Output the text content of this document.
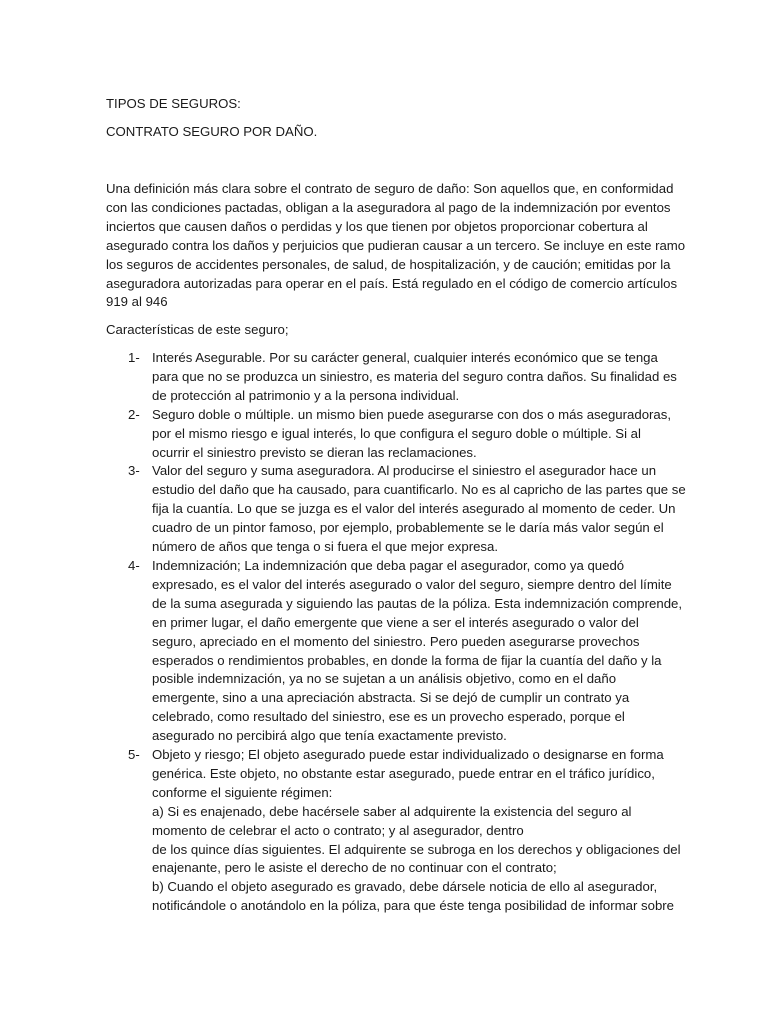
TIPOS DE SEGUROS:
CONTRATO SEGURO POR DAÑO.

Una definición más clara sobre el contrato de seguro de daño: Son aquellos que, en conformidad
con las condiciones pactadas, obligan a la aseguradora al pago de la indemnización por eventos
inciertos que causen daños o perdidas y los que tienen por objetos proporcionar cobertura al
asegurado contra los daños y perjuicios que pudieran causar a un tercero. Se incluye en este ramo
los seguros de accidentes personales, de salud, de hospitalización, y de caución; emitidas por la
aseguradora autorizadas para operar en el país. Está regulado en el código de comercio artículos
919 al 946

Características de este seguro;

1- Interés Asegurable. Por su carácter general, cualquier interés económico que se tenga
para que no se produzca un siniestro, es materia del seguro contra daños. Su finalidad es
de protección al patrimonio y a la persona individual.
2- Seguro doble o múltiple. un mismo bien puede asegurarse con dos o más aseguradoras,
por el mismo riesgo e igual interés, lo que configura el seguro doble o múltiple. Si al
ocurrir el siniestro previsto se dieran las reclamaciones.
3- Valor del seguro y suma aseguradora. Al producirse el siniestro el asegurador hace un
estudio del daño que ha causado, para cuantificarlo. No es al capricho de las partes que se
fija la cuantía. Lo que se juzga es el valor del interés asegurado al momento de ceder. Un
cuadro de un pintor famoso, por ejemplo, probablemente se le daría más valor según el
número de años que tenga o si fuera el que mejor expresa.
4- Indemnización; La indemnización que deba pagar el asegurador, como ya quedó
expresado, es el valor del interés asegurado o valor del seguro, siempre dentro del límite
de la suma asegurada y siguiendo las pautas de la póliza. Esta indemnización comprende,
en primer lugar, el daño emergente que viene a ser el interés asegurado o valor del
seguro, apreciado en el momento del siniestro. Pero pueden asegurarse provechos
esperados o rendimientos probables, en donde la forma de fijar la cuantía del daño y la
posible indemnización, ya no se sujetan a un análisis objetivo, como en el daño
emergente, sino a una apreciación abstracta. Si se dejó de cumplir un contrato ya
celebrado, como resultado del siniestro, ese es un provecho esperado, porque el
asegurado no percibirá algo que tenía exactamente previsto.
5- Objeto y riesgo; El objeto asegurado puede estar individualizado o designarse en forma
genérica. Este objeto, no obstante estar asegurado, puede entrar en el tráfico jurídico,
conforme el siguiente régimen:
a) Si es enajenado, debe hacérsele saber al adquirente la existencia del seguro al
momento de celebrar el acto o contrato; y al asegurador, dentro
de los quince días siguientes. El adquirente se subroga en los derechos y obligaciones del
enajenante, pero le asiste el derecho de no continuar con el contrato;
b) Cuando el objeto asegurado es gravado, debe dársele noticia de ello al asegurador,
notificándole o anotándolo en la póliza, para que éste tenga posibilidad de informar sobre
